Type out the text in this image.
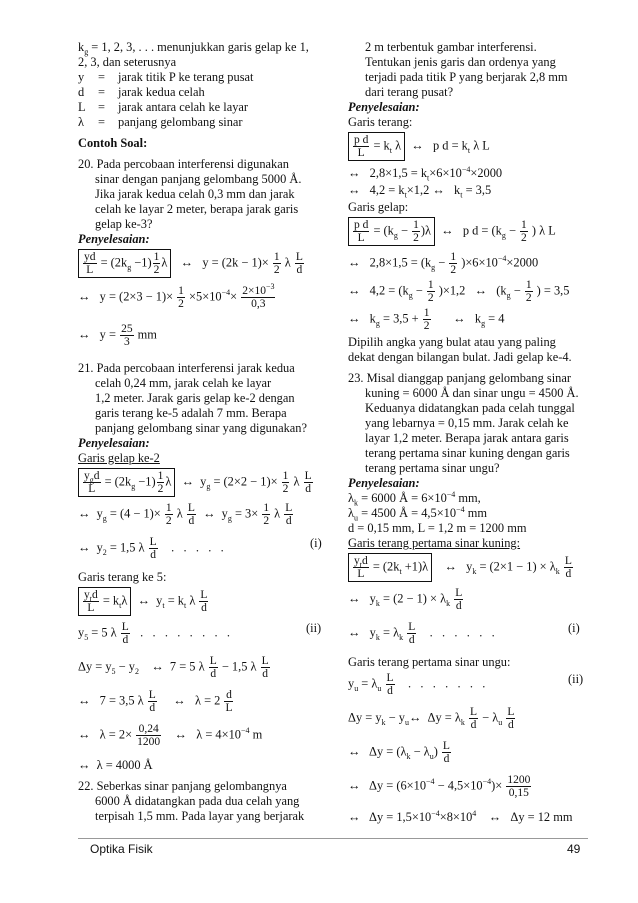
$k_g = 1$, 2, 3, . . . menunjukkan garis gelap ke 1,
2, 3, dan seterusnya
y = jarak titik P ke terang pusat
d = jarak kedua celah
L = jarak antara celah ke layar
λ = panjang gelombang sinar
Contoh Soal:
20. Pada percobaan interferensi digunakan
sinar dengan panjang gelombang 5000 Å.
Jika jarak kedua celah 0,3 mm dan jarak
celah ke layar 2 meter, berapa jarak garis
gelap ke-3?
Penyelesaian:
$\frac{yd}{L} = (2k_g -1) \frac{1}{2}$ λ   ↔   $y = (2k - 1)\times \frac{1}{2}$ λ $\frac{L}{d}$
↔   $y = (2\times 3 - 1)\times \frac{1}{2} \times 5\times 10^{-4}\times \frac{2\times 10^{-3}}{0,3}$
↔   $y = \frac{25}{3}$ mm
21. Pada percobaan interferensi jarak kedua
celah 0,24 mm, jarak celah ke layar
1,2 meter. Jarak garis gelap ke-2 dengan
garis terang ke-5 adalah 7 mm. Berapa
panjang gelombang sinar yang digunakan?
Penyelesaian:
Garis gelap ke-2
$\frac{y_gd}{L} = (2k_g -1) \frac{1}{2}$ λ  ↔  $y_g = (2\times 2 - 1)\times \frac{1}{2}$ λ $\frac{L}{d}$
↔  $y_g = (4 - 1)\times \frac{1}{2}$ λ $\frac{L}{d}$ ↔  $y_g = 3\times \frac{1}{2}$ λ $\frac{L}{d}$
↔  $y_2 = 1,5$ λ $\frac{L}{d}$ .   .   .   .   .	(i)
Garis terang ke 5:
$\frac{y_td}{L} = k_t\lambda$  ↔  $y_t = k_t$ λ $\frac{L}{d}$
$y_5 = 5$ λ $\frac{L}{d}$ .   .   .   .   .   .   .   .	(ii)
$\Delta y = y_5 - y_2$    ↔  7 = 5 λ $\frac{L}{d} - 1,5$ λ $\frac{L}{d}$
↔   7 = 3,5 λ $\frac{L}{d}$ ↔   $\lambda = 2 \frac{d}{L}$
↔   $\lambda = 2\times \frac{0,24}{1200}$ ↔   $\lambda = 4\times 10^{-4}$ m
↔  λ = 4000 Å
22. Seberkas sinar panjang gelombangnya
6000 Å didatangkan pada dua celah yang
terpisah 1,5 mm. Pada layar yang berjarak
2 m terbentuk gambar interferensi.
Tentukan jenis garis dan ordenya yang
terjadi pada titik P yang berjarak 2,8 mm
dari terang pusat?
Penyelesaian:
Garis terang:
$\frac{\text{p d}}{L} = k_t$ λ  ↔   p $d = k_t$ λ L
↔   $2,8\times 1,5 = k_t\times 6\times 10^{-4}\times 2000$
↔   $4,2 = k_t\times 1,2$ ↔   $k_t = 3,5$
Garis gelap:
$\frac{\text{p d}}{L} = (k_g - \frac{1}{2} )\lambda$  ↔   p $d = (k_g - \frac{1}{2}$ ) λ L
↔   $2,8\times 1,5 = (k_g - \frac{1}{2} )\times 6\times 10^{-4}\times 2000$
↔   $4,2 = (k_g - \frac{1}{2} )\times 1,2$   ↔   ($k_g - \frac{1}{2}$ ) = 3,5
↔   $k_g = 3,5 + \frac{1}{2}$ ↔   $k_g = 4$
Dipilih angka yang bulat atau yang paling
dekat dengan bilangan bulat. Jadi gelap ke-4.
23. Misal dianggap panjang gelombang sinar
kuning = 6000 Å dan sinar ungu = 4500 Å.
Keduanya didatangkan pada celah tunggal
yang lebarnya = 0,15 mm. Jarak celah ke
layar 1,2 meter. Berapa jarak antara garis
terang pertama sinar kuning dengan garis
terang pertama sinar ungu?
Penyelesaian:
$\lambda_k = 6000$ Å = $6\times 10^{-4}$ mm,
$\lambda_u = 4500$ Å = $4,5\times 10^{-4}$ mm
d = 0,15 mm, L = 1,2 m = 1200 mm
Garis terang pertama sinar kuning:
$\frac{y_td}{L} = (2k_t +1)\lambda$    ↔   $y_k = (2\times 1 - 1) \times \lambda_k \frac{L}{d}$
↔   $y_k = (2 - 1) \times \lambda_k \frac{L}{d}$
↔   $y_k = \lambda_k \frac{L}{d}$ .   .   .   .   .   .	(i)
Garis terang pertama sinar ungu:
$y_u = \lambda_u \frac{L}{d}$ .   .   .   .   .   .   .	(ii)
$\Delta y = y_k$ − $y_u\leftrightarrow$  $\Delta y = \lambda_k \frac{L}{d} - \lambda_u \frac{L}{d}$
↔   $\Delta y = (\lambda_k - \lambda_u) \frac{L}{d}$
↔   $\Delta y = (6\times 10^{-4} - 4,5\times 10^{-4})\times \frac{1200}{0,15}$
↔   $\Delta y = 1,5\times 10^{-4}\times 8\times 10^4$    ↔   Δy = 12 mm
Optika Fisik	49
